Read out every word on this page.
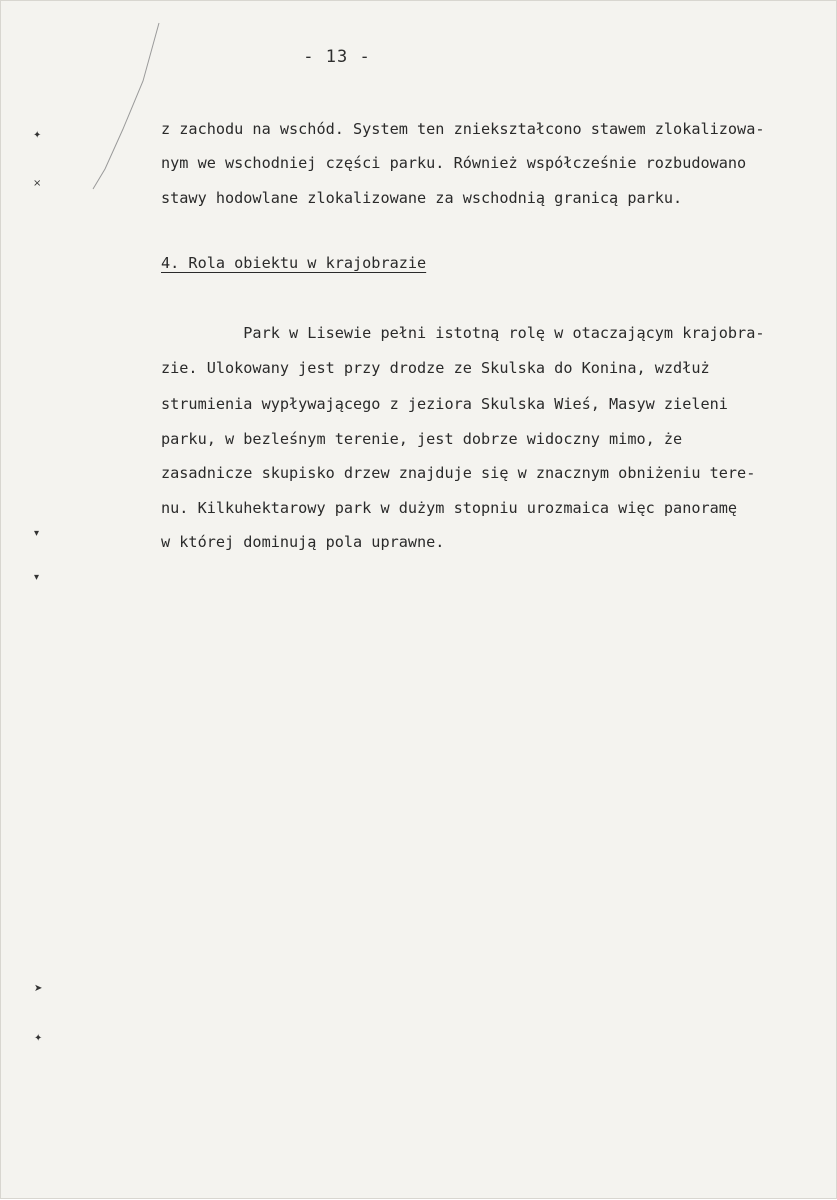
✦
×
▾
▾
➤
✦
- 13 -
z zachodu na wschód. System ten zniekształcono stawem zlokalizowa-
nym we wschodniej części parku. Również współcześnie rozbudowano
stawy hodowlane zlokalizowane za wschodnią granicą parku.
4. Rola obiektu w krajobrazie
Park w Lisewie pełni istotną rolę w otaczającym krajobra-
zie. Ulokowany jest przy drodze ze Skulska do Konina, wzdłuż
strumienia wypływającego z jeziora Skulska Wieś, Masyw zieleni
parku, w bezleśnym terenie, jest dobrze widoczny mimo, że
zasadnicze skupisko drzew znajduje się w znacznym obniżeniu tere-
nu. Kilkuhektarowy park w dużym stopniu urozmaica więc panoramę
w której dominują pola uprawne.
